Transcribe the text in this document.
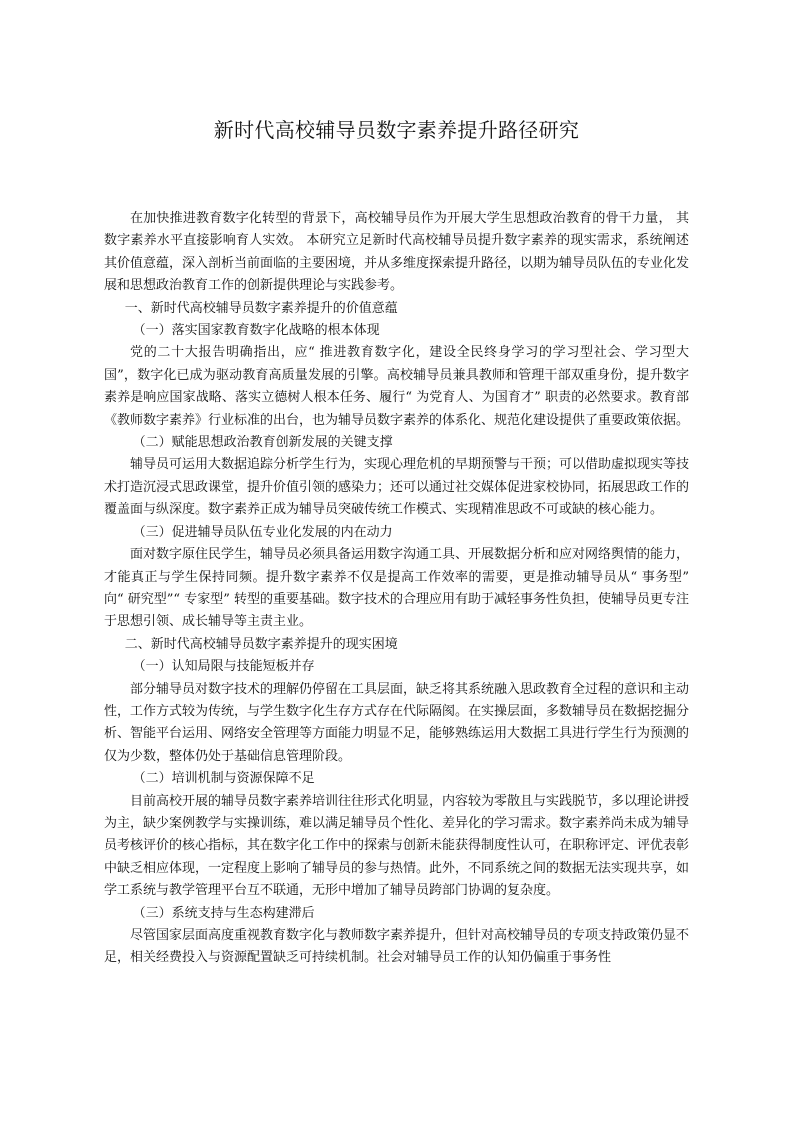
新时代高校辅导员数字素养提升路径研究

在加快推进教育数字化转型的背景下，高校辅导员作为开展大学生思想政治教育的骨干力量， 其数字素养水平直接影响育人实效。 本研究立足新时代高校辅导员提升数字素养的现实需求，系统阐述其价值意蕴，深入剖析当前面临的主要困境，并从多维度探索提升路径，以期为辅导员队伍的专业化发展和思想政治教育工作的创新提供理论与实践参考。

一、新时代高校辅导员数字素养提升的价值意蕴

（一）落实国家教育数字化战略的根本体现

党的二十大报告明确指出，应“ 推进教育数字化，建设全民终身学习的学习型社会、学习型大国”，数字化已成为驱动教育高质量发展的引擎。高校辅导员兼具教师和管理干部双重身份，提升数字素养是响应国家战略、落实立德树人根本任务、履行“ 为党育人、为国育才” 职责的必然要求。教育部《教师数字素养》行业标准的出台，也为辅导员数字素养的体系化、规范化建设提供了重要政策依据。

（二）赋能思想政治教育创新发展的关键支撑

辅导员可运用大数据追踪分析学生行为，实现心理危机的早期预警与干预；可以借助虚拟现实等技术打造沉浸式思政课堂，提升价值引领的感染力；还可以通过社交媒体促进家校协同，拓展思政工作的覆盖面与纵深度。数字素养正成为辅导员突破传统工作模式、实现精准思政不可或缺的核心能力。

（三）促进辅导员队伍专业化发展的内在动力

面对数字原住民学生，辅导员必须具备运用数字沟通工具、开展数据分析和应对网络舆情的能力，才能真正与学生保持同频。提升数字素养不仅是提高工作效率的需要，更是推动辅导员从“ 事务型” 向“ 研究型”“ 专家型” 转型的重要基础。数字技术的合理应用有助于减轻事务性负担，使辅导员更专注于思想引领、成长辅导等主责主业。

二、新时代高校辅导员数字素养提升的现实困境

（一）认知局限与技能短板并存

部分辅导员对数字技术的理解仍停留在工具层面，缺乏将其系统融入思政教育全过程的意识和主动性，工作方式较为传统，与学生数字化生存方式存在代际隔阂。在实操层面，多数辅导员在数据挖掘分析、智能平台运用、网络安全管理等方面能力明显不足，能够熟练运用大数据工具进行学生行为预测的仅为少数，整体仍处于基础信息管理阶段。

（二）培训机制与资源保障不足

目前高校开展的辅导员数字素养培训往往形式化明显，内容较为零散且与实践脱节，多以理论讲授为主，缺少案例教学与实操训练，难以满足辅导员个性化、差异化的学习需求。数字素养尚未成为辅导员考核评价的核心指标，其在数字化工作中的探索与创新未能获得制度性认可，在职称评定、评优表彰中缺乏相应体现，一定程度上影响了辅导员的参与热情。此外，不同系统之间的数据无法实现共享，如学工系统与教学管理平台互不联通，无形中增加了辅导员跨部门协调的复杂度。

（三）系统支持与生态构建滞后

尽管国家层面高度重视教育数字化与教师数字素养提升，但针对高校辅导员的专项支持政策仍显不足，相关经费投入与资源配置缺乏可持续机制。社会对辅导员工作的认知仍偏重于事务性
